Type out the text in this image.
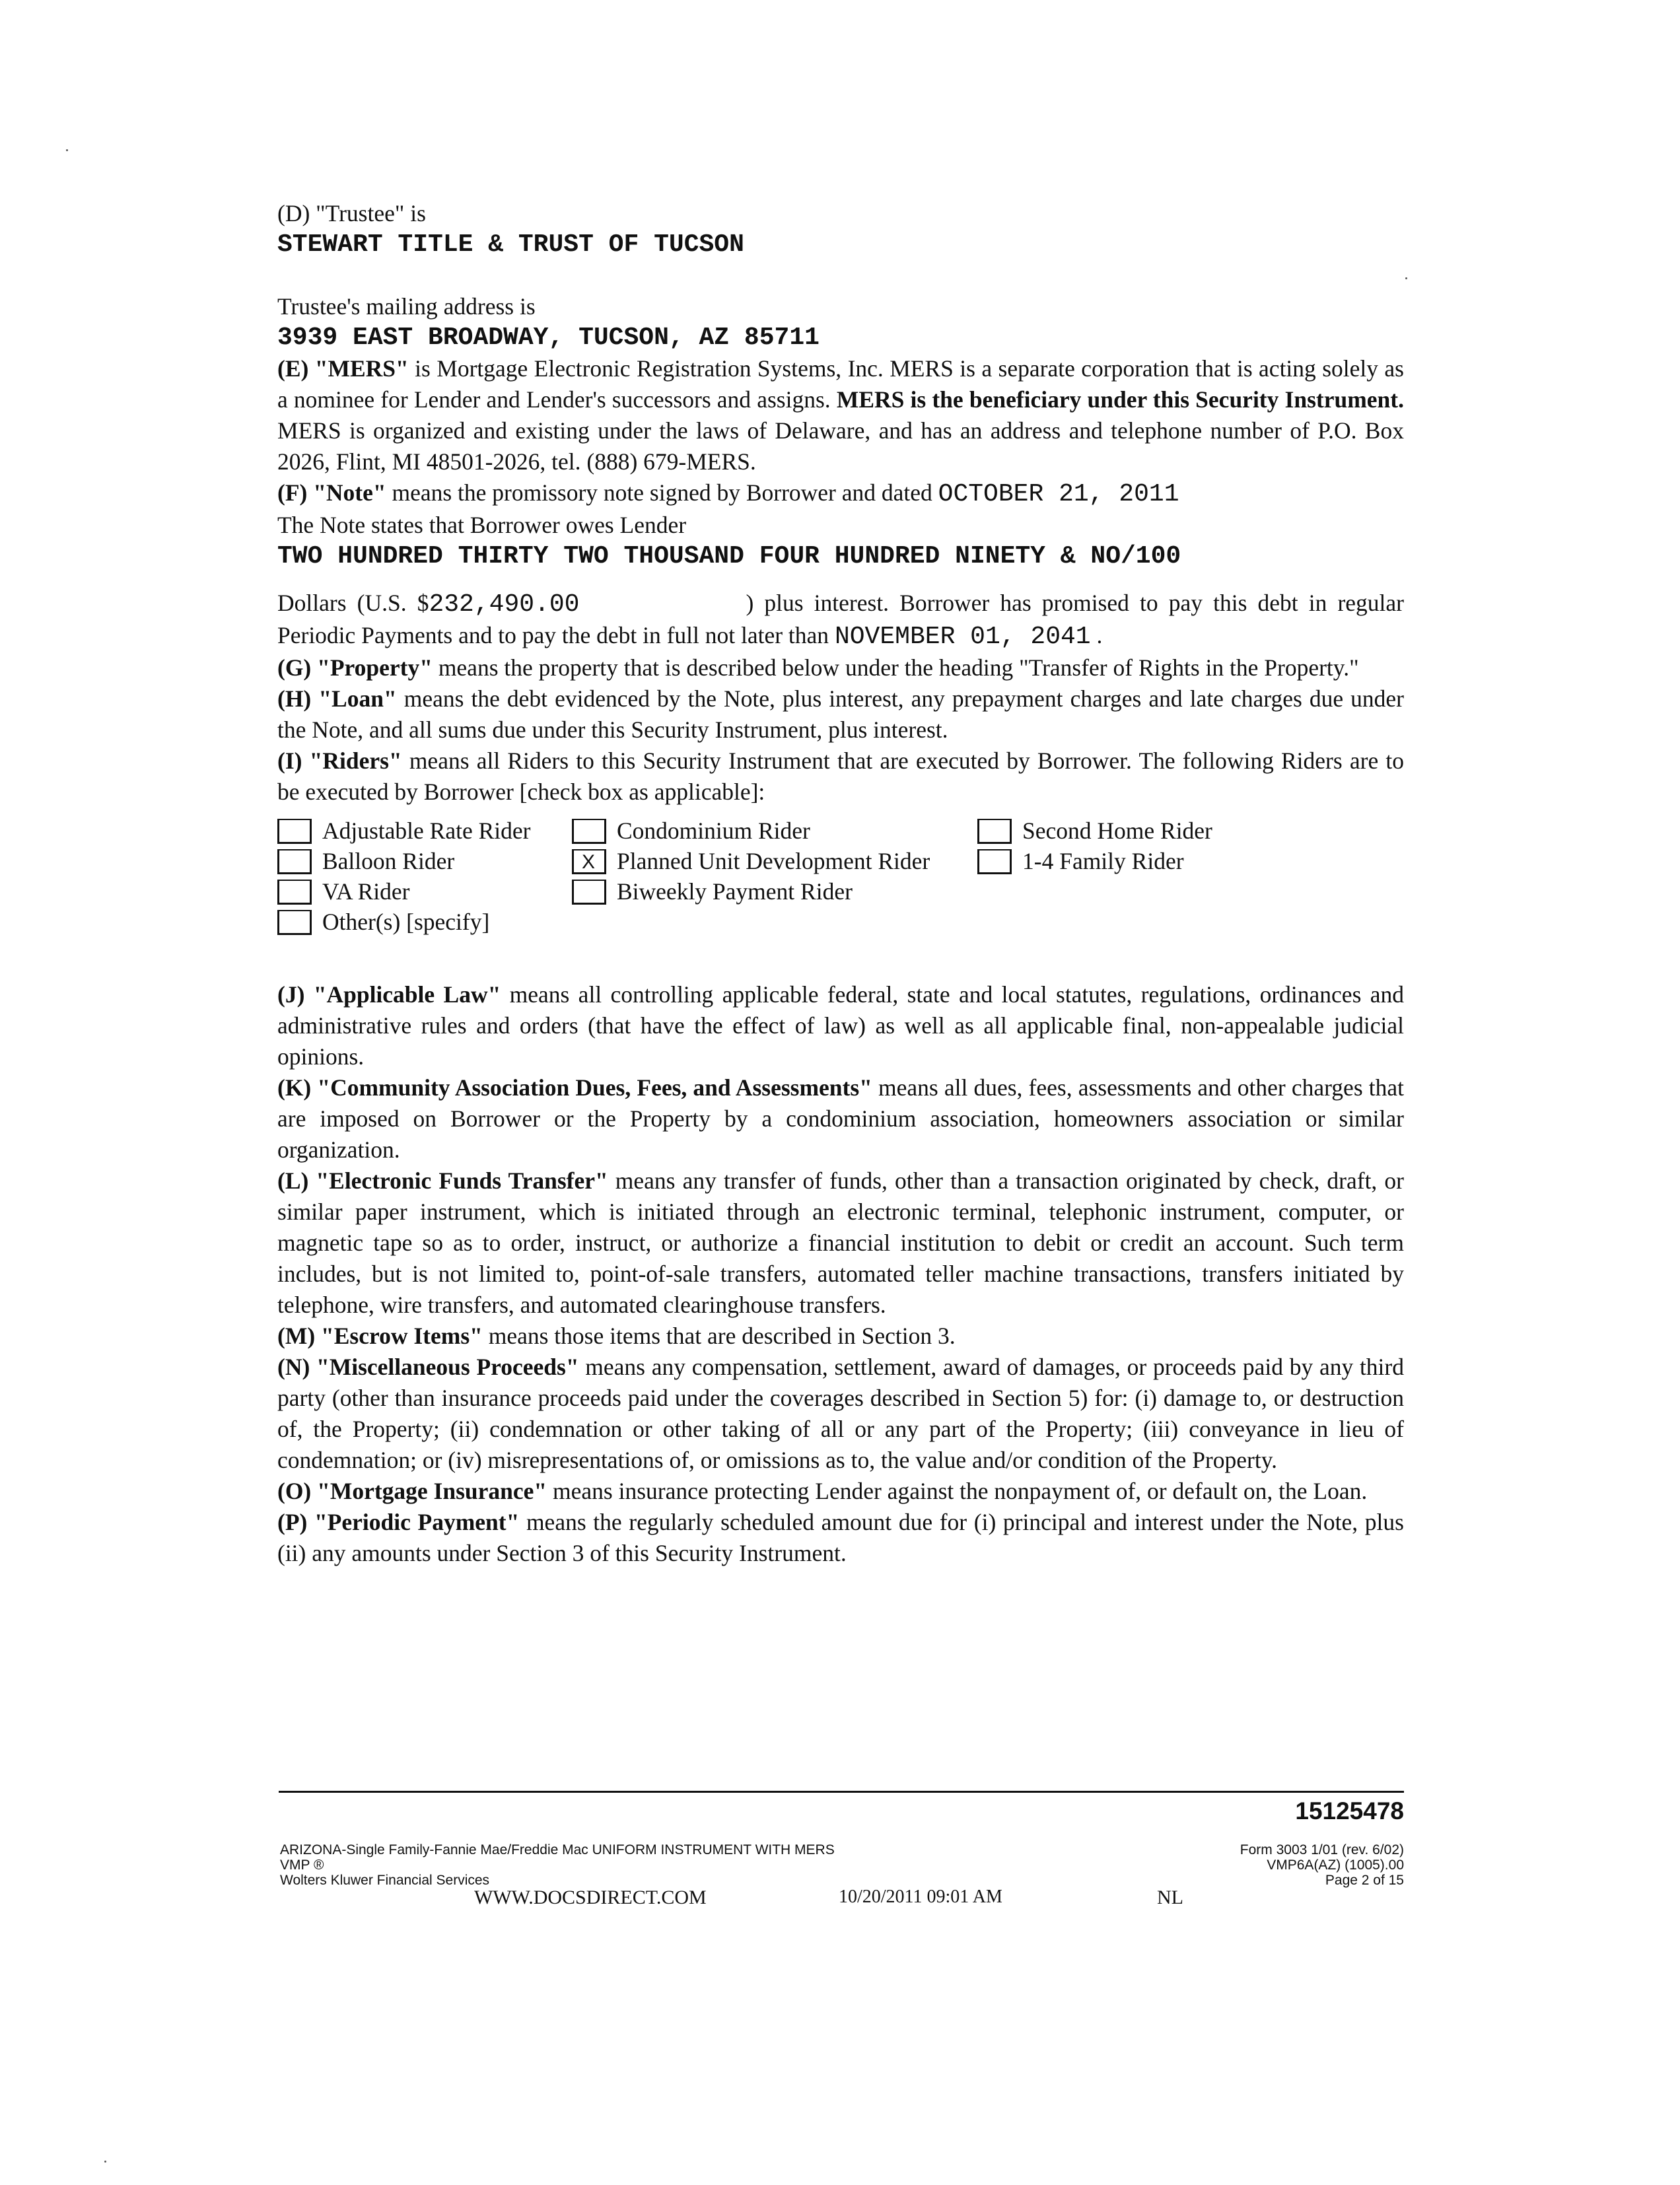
(D) "Trustee" is
STEWART TITLE & TRUST OF TUCSON
Trustee's mailing address is
3939 EAST BROADWAY, TUCSON, AZ 85711
(E) "MERS" is Mortgage Electronic Registration Systems, Inc. MERS is a separate corporation that is acting solely as a nominee for Lender and Lender's successors and assigns. MERS is the beneficiary under this Security Instrument. MERS is organized and existing under the laws of Delaware, and has an address and telephone number of P.O. Box 2026, Flint, MI 48501-2026, tel. (888) 679-MERS.
(F) "Note" means the promissory note signed by Borrower and dated OCTOBER 21, 2011
The Note states that Borrower owes Lender
TWO HUNDRED THIRTY TWO THOUSAND FOUR HUNDRED NINETY & NO/100
Dollars (U.S. $232,490.00	) plus interest. Borrower has promised to pay this debt in regular Periodic Payments and to pay the debt in full not later than NOVEMBER 01, 2041 .
(G) "Property" means the property that is described below under the heading "Transfer of Rights in the Property."
(H) "Loan" means the debt evidenced by the Note, plus interest, any prepayment charges and late charges due under the Note, and all sums due under this Security Instrument, plus interest.
(I) "Riders" means all Riders to this Security Instrument that are executed by Borrower. The following Riders are to be executed by Borrower [check box as applicable]:
Adjustable Rate Rider	Condominium Rider	Second Home Rider
Balloon Rider	X Planned Unit Development Rider	1-4 Family Rider
VA Rider	Biweekly Payment Rider
Other(s) [specify]
(J) "Applicable Law" means all controlling applicable federal, state and local statutes, regulations, ordinances and administrative rules and orders (that have the effect of law) as well as all applicable final, non-appealable judicial opinions.
(K) "Community Association Dues, Fees, and Assessments" means all dues, fees, assessments and other charges that are imposed on Borrower or the Property by a condominium association, homeowners association or similar organization.
(L) "Electronic Funds Transfer" means any transfer of funds, other than a transaction originated by check, draft, or similar paper instrument, which is initiated through an electronic terminal, telephonic instrument, computer, or magnetic tape so as to order, instruct, or authorize a financial institution to debit or credit an account. Such term includes, but is not limited to, point-of-sale transfers, automated teller machine transactions, transfers initiated by telephone, wire transfers, and automated clearinghouse transfers.
(M) "Escrow Items" means those items that are described in Section 3.
(N) "Miscellaneous Proceeds" means any compensation, settlement, award of damages, or proceeds paid by any third party (other than insurance proceeds paid under the coverages described in Section 5) for: (i) damage to, or destruction of, the Property; (ii) condemnation or other taking of all or any part of the Property; (iii) conveyance in lieu of condemnation; or (iv) misrepresentations of, or omissions as to, the value and/or condition of the Property.
(O) "Mortgage Insurance" means insurance protecting Lender against the nonpayment of, or default on, the Loan.
(P) "Periodic Payment" means the regularly scheduled amount due for (i) principal and interest under the Note, plus (ii) any amounts under Section 3 of this Security Instrument.
15125478
ARIZONA-Single Family-Fannie Mae/Freddie Mac UNIFORM INSTRUMENT WITH MERS
VMP ®
Wolters Kluwer Financial Services
Form 3003 1/01 (rev. 6/02)
VMP6A(AZ) (1005).00
Page 2 of 15
WWW.DOCSDIRECT.COM	10/20/2011 09:01 AM	NL
